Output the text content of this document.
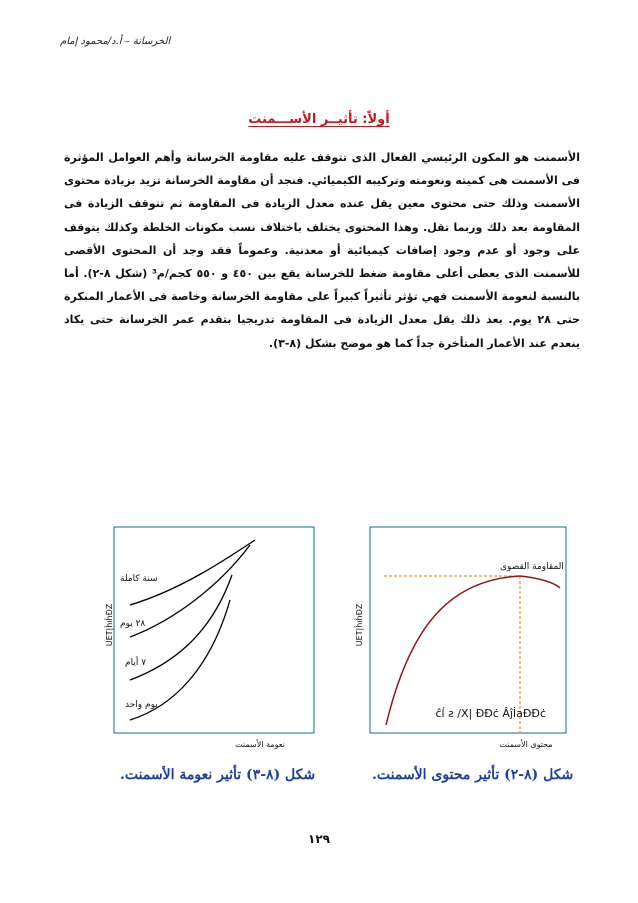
الخرسانة – أ.د/محمود إمام
أولاً: تأثيــر الأســـمنت
الأسمنت هو المكون الرئيسي الفعال الذى تتوقف عليه مقاومة الخرسانة وأهم العوامل المؤثرة فى الأسمنت هى كميته ونعومته وتركيبه الكيميائي. فنجد أن مقاومة الخرسانة تزيد بزيادة محتوى الأسمنت وذلك حتى محتوى معين يقل عنده معدل الزيادة فى المقاومة ثم تتوقف الزيادة فى المقاومة بعد ذلك وربما تقل. وهذا المحتوى يختلف باختلاف نسب مكونات الخلطة وكذلك يتوقف على وجود أو عدم وجود إضافات كيميائية أو معدنية. وعموماً فقد وجد أن المحتوى الأقصى للأسمنت الذى يعطى أعلى مقاومة ضغط للخرسانة يقع بين ٤٥٠ و ٥٥٠ كجم/م³ (شكل ٨-٢). أما بالنسبة لنعومة الأسمنت فهي تؤثر تأثيراً كبيراً على مقاومة الخرسانة وخاصة فى الأعمار المبكرة حتى ٢٨ يوم. بعد ذلك يقل معدل الزيادة فى المقاومة تدريجيا بتقدم عمر الخرسانة حتى يكاد ينعدم عند الأعمار المتأخرة جداً كما هو موضح بشكل (٨-٣).
UET|ĥıĥĐZ
سنة كاملة
٢٨ يوم
٧ أيام
يوم واحد
نعومة الأسمنت
UET|ĥıĥĐZ
المقاومة القصوى
ĉĺ ƨ /X| ĐĐċ ÂĵİaĐĐċ
محتوى الأسمنت
شكل (٨-٣) تأثير نعومة الأسمنت.	شكل (٨-٢) تأثير محتوى الأسمنت.
١٢٩
